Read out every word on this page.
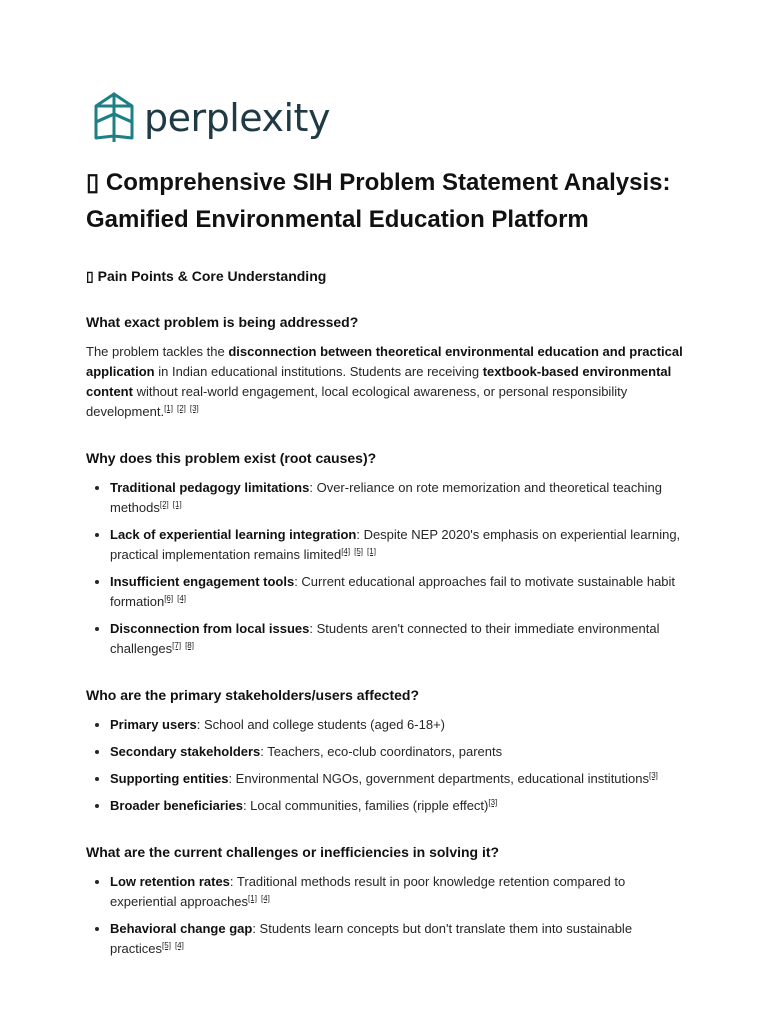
perplexity
▯ Comprehensive SIH Problem Statement Analysis: Gamified Environmental Education Platform
▯ Pain Points & Core Understanding
What exact problem is being addressed?

The problem tackles the disconnection between theoretical environmental education and practical application in Indian educational institutions. Students are receiving textbook-based environmental content without real-world engagement, local ecological awareness, or personal responsibility development.[1] [2] [3]

Why does this problem exist (root causes)?
• Traditional pedagogy limitations: Over-reliance on rote memorization and theoretical teaching methods[2] [1]
• Lack of experiential learning integration: Despite NEP 2020's emphasis on experiential learning, practical implementation remains limited[4] [5] [1]
• Insufficient engagement tools: Current educational approaches fail to motivate sustainable habit formation[6] [4]
• Disconnection from local issues: Students aren't connected to their immediate environmental challenges[7] [8]
Who are the primary stakeholders/users affected?
• Primary users: School and college students (aged 6-18+)
• Secondary stakeholders: Teachers, eco-club coordinators, parents
• Supporting entities: Environmental NGOs, government departments, educational institutions[3]
• Broader beneficiaries: Local communities, families (ripple effect)[3]
What are the current challenges or inefficiencies in solving it?
• Low retention rates: Traditional methods result in poor knowledge retention compared to experiential approaches[1] [4]
• Behavioral change gap: Students learn concepts but don't translate them into sustainable practices[5] [4]
